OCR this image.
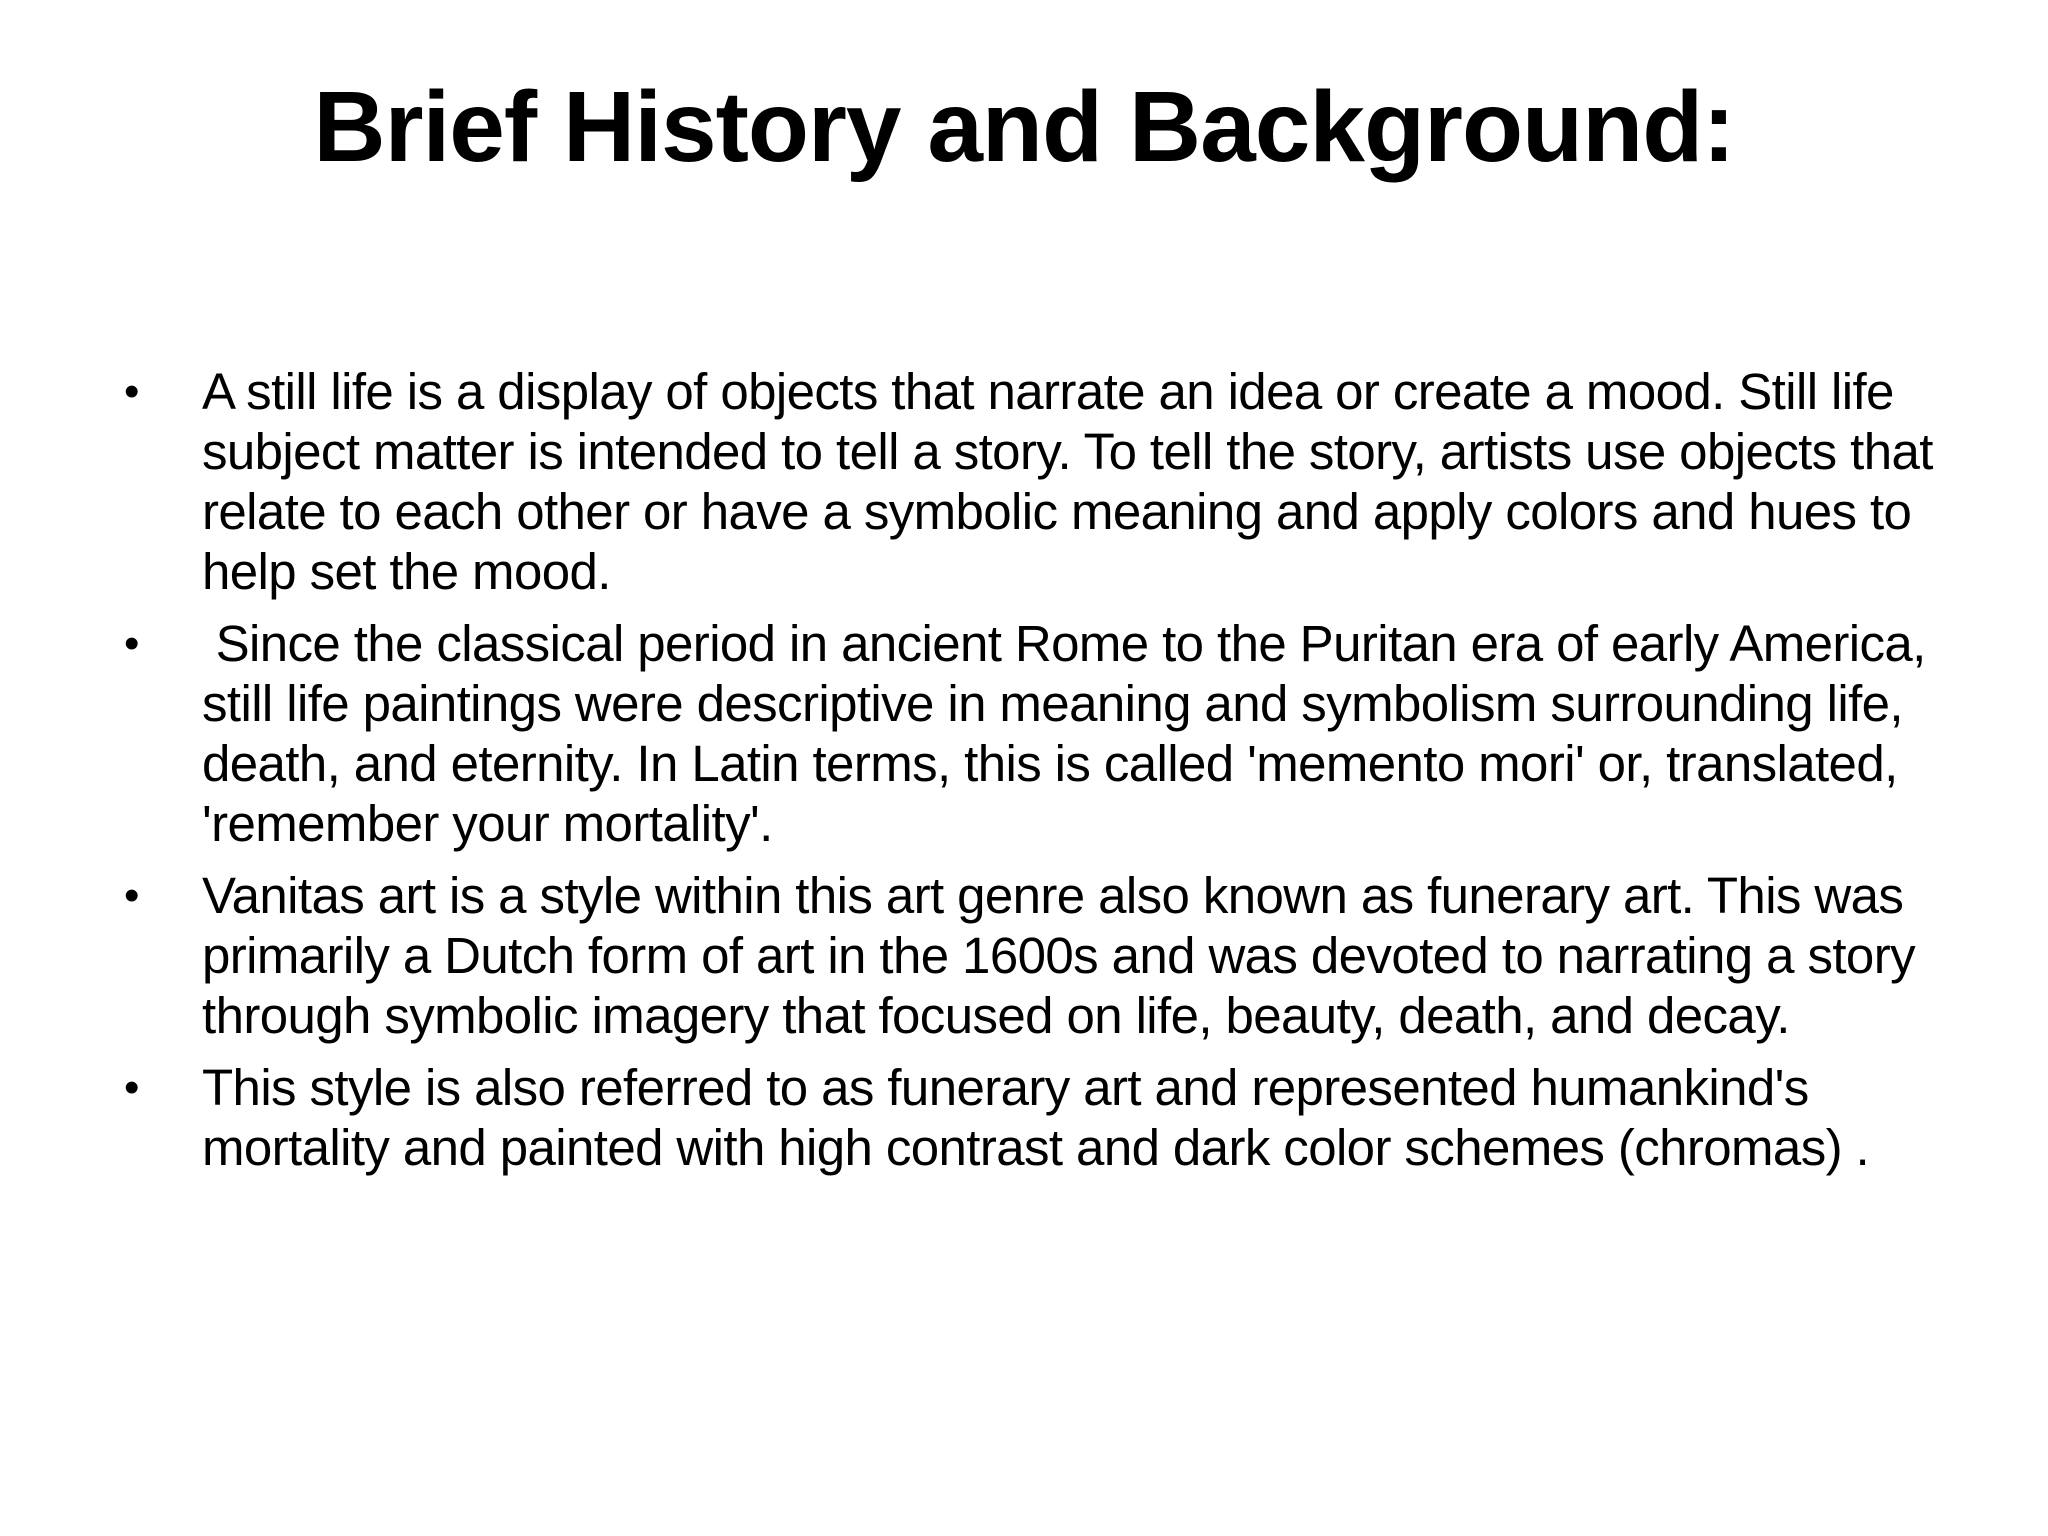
Brief History and Background:
• A still life is a display of objects that narrate an idea or create a mood. Still life subject matter is intended to tell a story. To tell the story, artists use objects that relate to each other or have a symbolic meaning and apply colors and hues to help set the mood.
• Since the classical period in ancient Rome to the Puritan era of early America, still life paintings were descriptive in meaning and symbolism surrounding life, death, and eternity. In Latin terms, this is called 'memento mori' or, translated, 'remember your mortality'.
• Vanitas art is a style within this art genre also known as funerary art. This was primarily a Dutch form of art in the 1600s and was devoted to narrating a story through symbolic imagery that focused on life, beauty, death, and decay.
• This style is also referred to as funerary art and represented humankind's mortality and painted with high contrast and dark color schemes (chromas) .
